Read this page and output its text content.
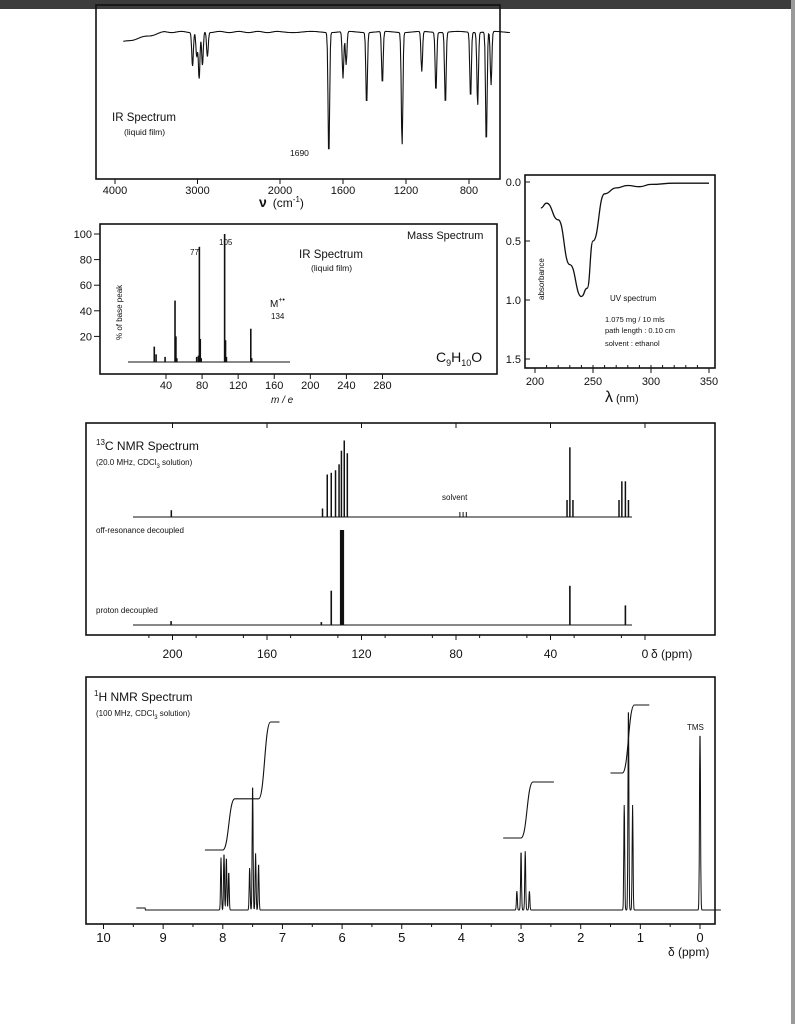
4000	3000	2000	1600	1200	800
IR Spectrum
(liquid film)
1690
ν $(cm^{-1})$
40 80 120 160 200 240 280
20
40
60
80
100
% of base peak
Mass Spectrum
IR Spectrum
(liquid film)
77
105
M+•
134
$C_9H_{10}O$
m / e
200	250	300	350
0.0
0.5
1.0
1.5
absorbance	UV spectrum
1.075 mg / 10 mls
path length : 0.10 cm
solvent : ethanol
λ (nm)
200	160	120	80	40	0
$^{13}$C NMR Spectrum
(20.0 MHz, CDCl$_3$ solution)
solvent
off-resonance decoupled
proton decoupled
δ (ppm)
10	9	8	7	6	5	4	3	2	1	0
$^1$H NMR Spectrum
(100 MHz, CDCl$_3$ solution)
TMS
δ (ppm)
